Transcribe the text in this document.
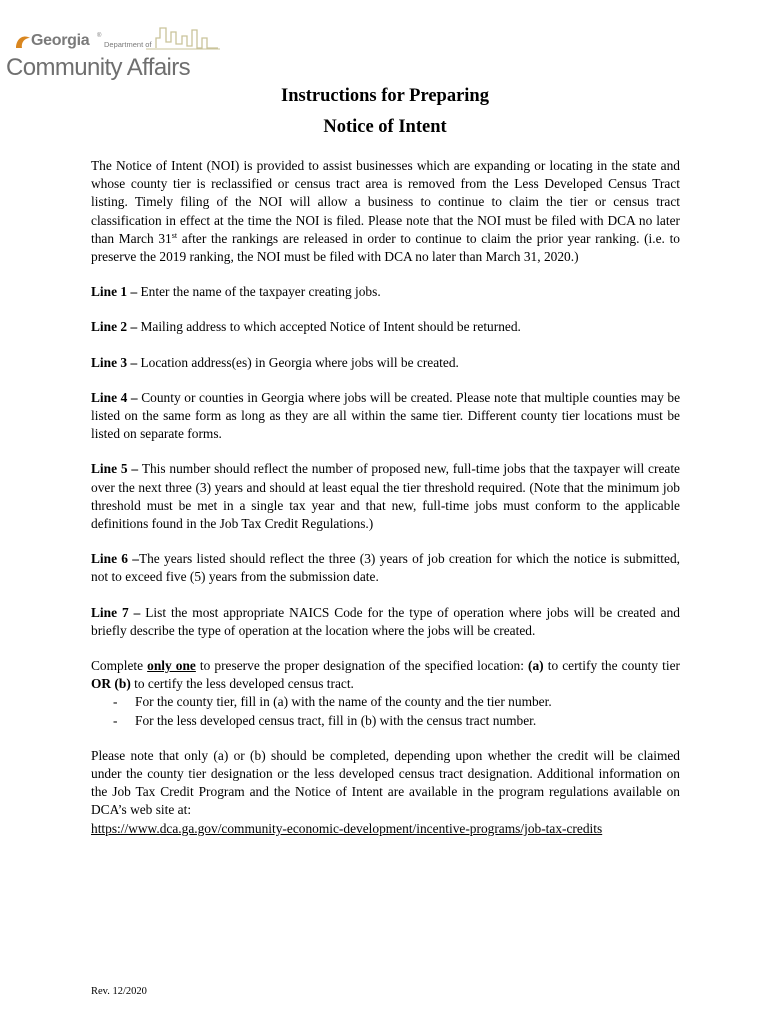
Georgia ®
Department of
Community Affairs
Instructions for Preparing
Notice of Intent

The Notice of Intent (NOI) is provided to assist businesses which are expanding or locating in the state and whose county tier is reclassified or census tract area is removed from the Less Developed Census Tract listing. Timely filing of the NOI will allow a business to continue to claim the tier or census tract classification in effect at the time the NOI is filed. Please note that the NOI must be filed with DCA no later than March 31st after the rankings are released in order to continue to claim the prior year ranking. (i.e. to preserve the 2019 ranking, the NOI must be filed with DCA no later than March 31, 2020.)

Line 1 – Enter the name of the taxpayer creating jobs.

Line 2 – Mailing address to which accepted Notice of Intent should be returned.

Line 3 – Location address(es) in Georgia where jobs will be created.

Line 4 – County or counties in Georgia where jobs will be created. Please note that multiple counties may be listed on the same form as long as they are all within the same tier. Different county tier locations must be listed on separate forms.

Line 5 – This number should reflect the number of proposed new, full-time jobs that the taxpayer will create over the next three (3) years and should at least equal the tier threshold required. (Note that the minimum job threshold must be met in a single tax year and that new, full-time jobs must conform to the applicable definitions found in the Job Tax Credit Regulations.)

Line 6 –The years listed should reflect the three (3) years of job creation for which the notice is submitted, not to exceed five (5) years from the submission date.

Line 7 – List the most appropriate NAICS Code for the type of operation where jobs will be created and briefly describe the type of operation at the location where the jobs will be created.

Complete only one to preserve the proper designation of the specified location: (a) to certify the county tier OR (b) to certify the less developed census tract.

- For the county tier, fill in (a) with the name of the county and the tier number.
- For the less developed census tract, fill in (b) with the census tract number.

Please note that only (a) or (b) should be completed, depending upon whether the credit will be claimed under the county tier designation or the less developed census tract designation. Additional information on the Job Tax Credit Program and the Notice of Intent are available in the program regulations available on DCA’s web site at:
https://www.dca.ga.gov/community-economic-development/incentive-programs/job-tax-credits

Rev. 12/2020
